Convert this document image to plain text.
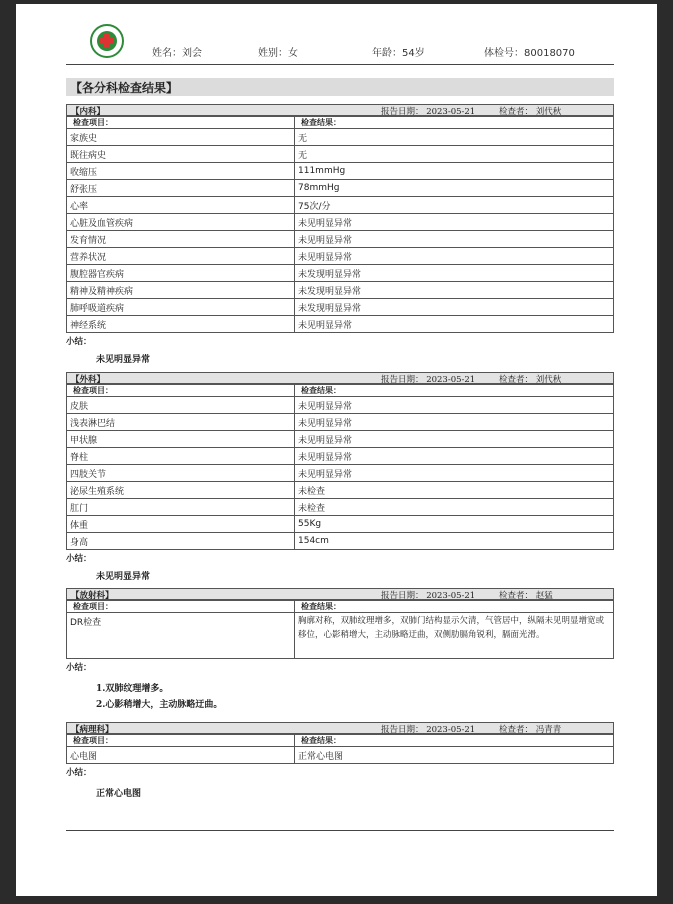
姓名：刘会	姓别：女	年龄：54岁	体检号：80018070
【各分科检查结果】
【内科】	报告日期： 2023-05-21	检查者： 刘代秋
检查项目：	检查结果：
家族史	无
既往病史	无
收缩压	111mmHg
舒张压	78mmHg
心率	75次/分
心脏及血管疾病	未见明显异常
发育情况	未见明显异常
营养状况	未见明显异常
腹腔器官疾病	未发现明显异常
精神及精神疾病	未发现明显异常
肺呼吸道疾病	未发现明显异常
神经系统	未见明显异常
小结：
未见明显异常
【外科】	报告日期： 2023-05-21	检查者： 刘代秋
检查项目：	检查结果：
皮肤	未见明显异常
浅表淋巴结	未见明显异常
甲状腺	未见明显异常
脊柱	未见明显异常
四肢关节	未见明显异常
泌尿生殖系统	未检查
肛门	未检查
体重	55Kg
身高	154cm
小结：
未见明显异常
【放射科】	报告日期： 2023-05-21	检查者： 赵猛
检查项目：	检查结果：
DR检查	胸廓对称，双肺纹理增多，双肺门结构显示欠清，气管居中，纵隔未见明显增宽或移位，心影稍增大，主动脉略迂曲，双侧肋膈角锐利，膈面光滑。
小结：
1.双肺纹理增多。
2.心影稍增大，主动脉略迂曲。
【病理科】	报告日期： 2023-05-21	检查者： 冯青青
检查项目：	检查结果：
心电图	正常心电图
小结：
正常心电图
